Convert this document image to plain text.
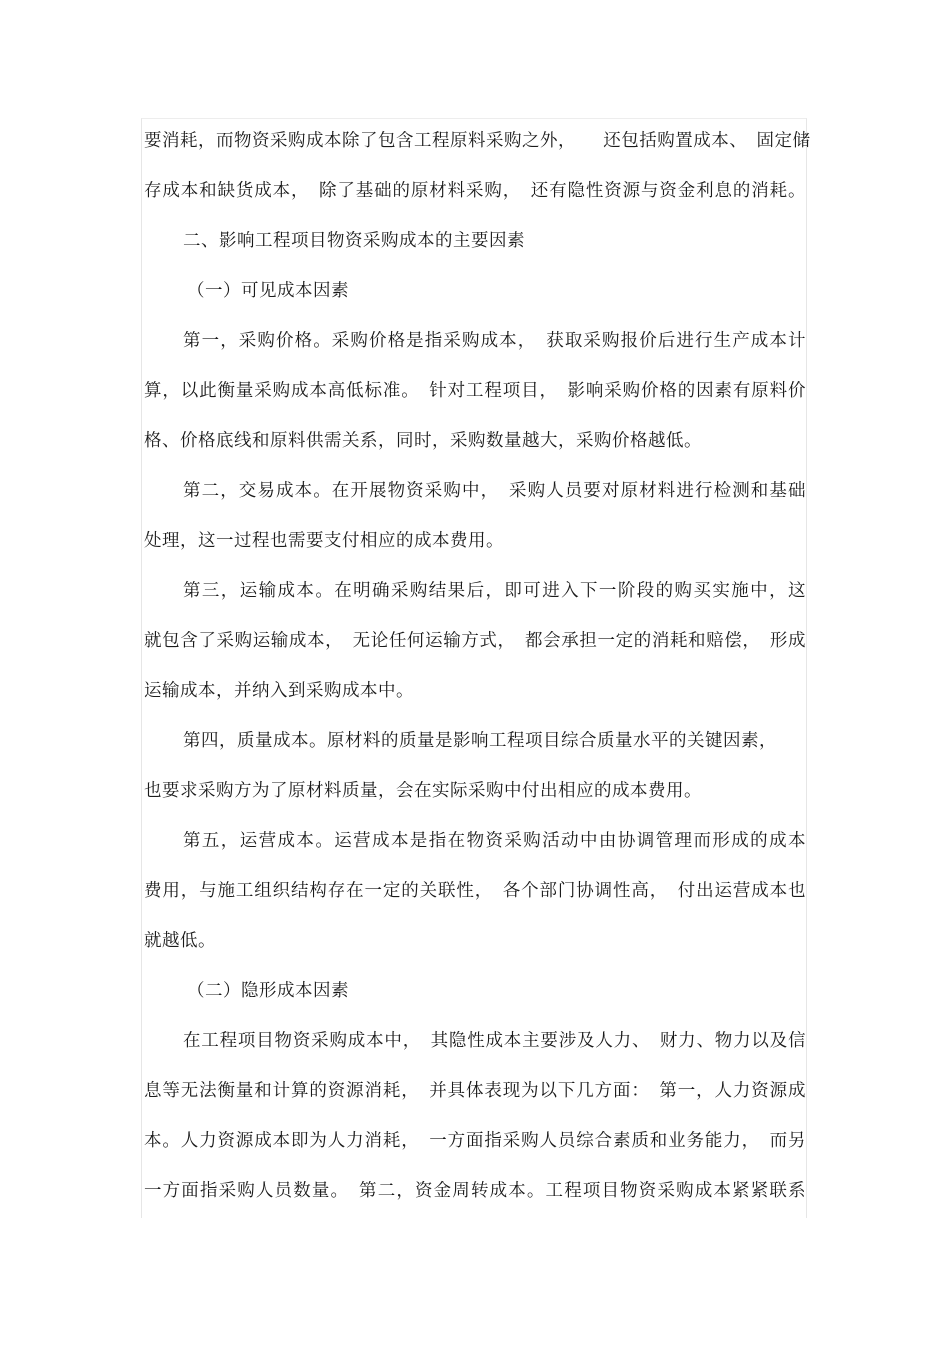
要消耗，而物资采购成本除了包含工程原料采购之外，　　还包括购置成本、　固定储
存成本和缺货成本，　除了基础的原材料采购，　还有隐性资源与资金利息的消耗。
二、影响工程项目物资采购成本的主要因素
（一）可见成本因素
第一，采购价格。采购价格是指采购成本，　获取采购报价后进行生产成本计
算，以此衡量采购成本高低标准。　针对工程项目，　影响采购价格的因素有原料价
格、价格底线和原料供需关系，同时，采购数量越大，采购价格越低。
第二，交易成本。在开展物资采购中，　采购人员要对原材料进行检测和基础
处理，这一过程也需要支付相应的成本费用。
第三，运输成本。在明确采购结果后，即可进入下一阶段的购买实施中，这
就包含了采购运输成本，　无论任何运输方式，　都会承担一定的消耗和赔偿，　形成
运输成本，并纳入到采购成本中。
第四，质量成本。原材料的质量是影响工程项目综合质量水平的关键因素，
也要求采购方为了原材料质量，会在实际采购中付出相应的成本费用。
第五，运营成本。运营成本是指在物资采购活动中由协调管理而形成的成本
费用，与施工组织结构存在一定的关联性，　各个部门协调性高，　付出运营成本也
就越低。
（二）隐形成本因素
在工程项目物资采购成本中，　其隐性成本主要涉及人力、　财力、物力以及信
息等无法衡量和计算的资源消耗，　并具体表现为以下几方面：　第一，人力资源成
本。人力资源成本即为人力消耗，　一方面指采购人员综合素质和业务能力，　而另
一方面指采购人员数量。　第二，资金周转成本。工程项目物资采购成本紧紧联系
